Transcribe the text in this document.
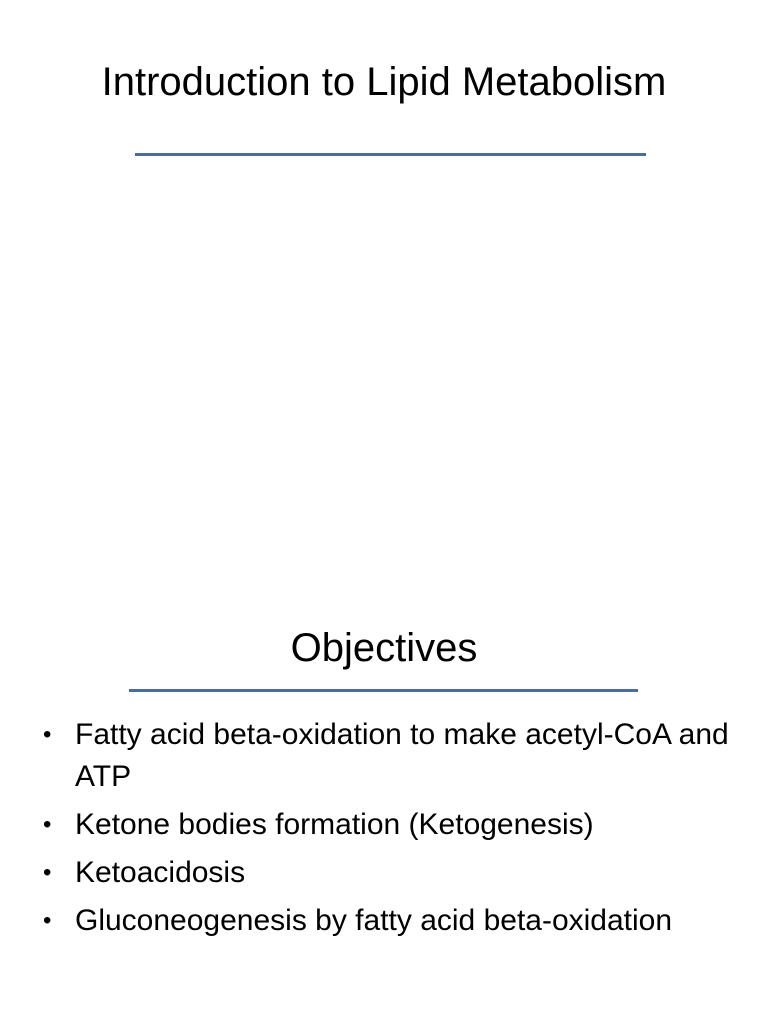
Introduction to Lipid Metabolism
Objectives
• Fatty acid beta-oxidation to make acetyl-CoA and ATP
• Ketone bodies formation (Ketogenesis)
• Ketoacidosis
• Gluconeogenesis by fatty acid beta-oxidation
